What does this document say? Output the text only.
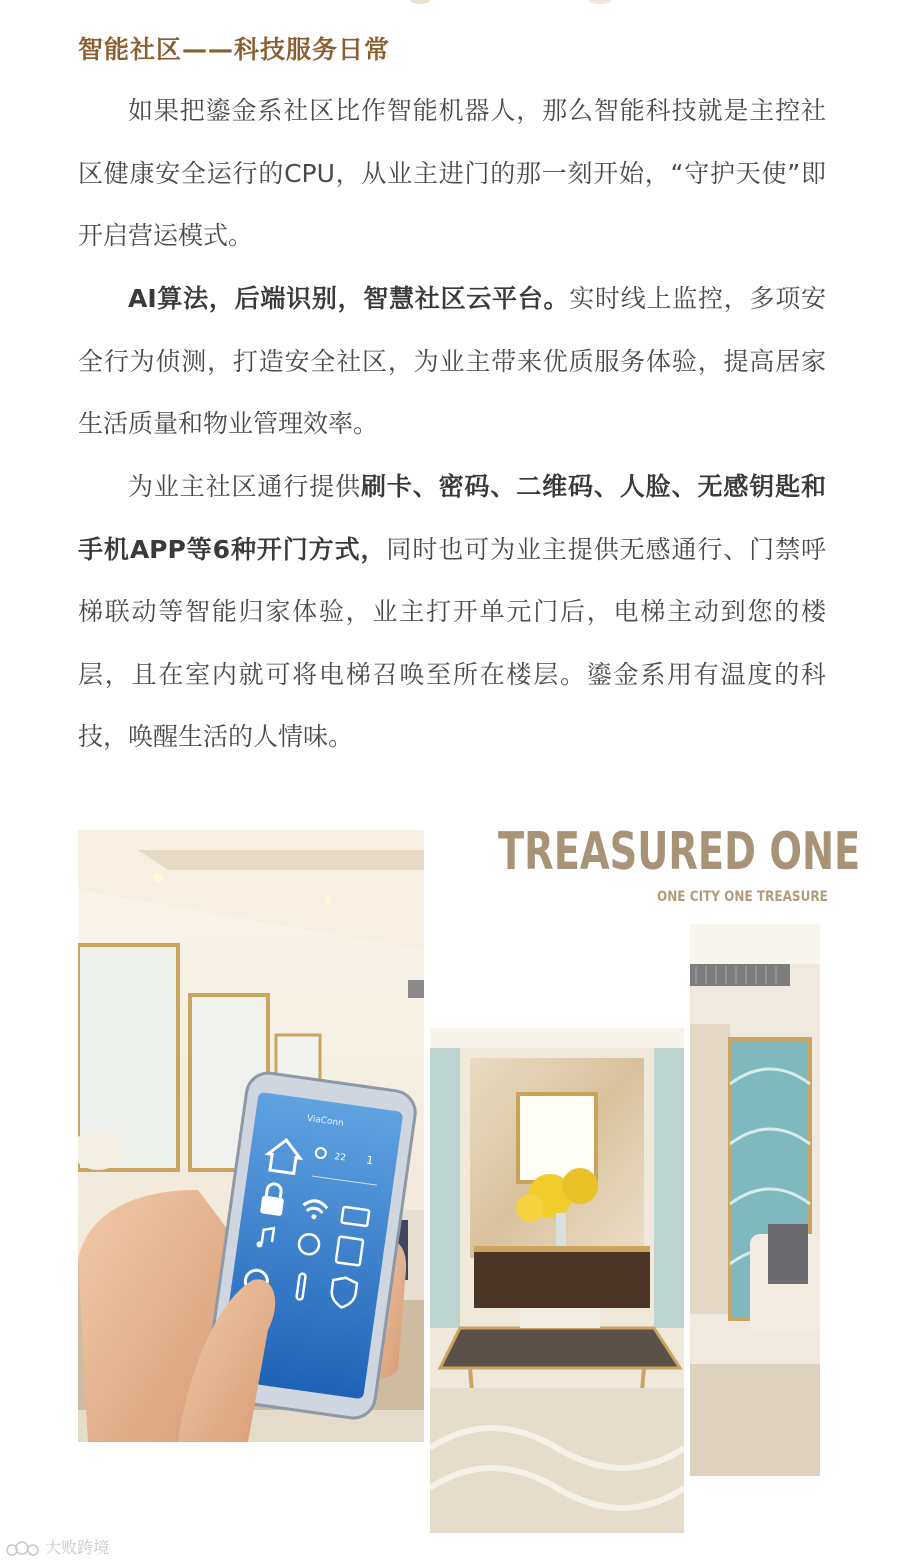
智能社区——科技服务日常

如果把鎏金系社区比作智能机器人，那么智能科技就是主控社区健康安全运行的CPU，从业主进门的那一刻开始，“守护天使”即开启营运模式。

AI算法，后端识别，智慧社区云平台。实时线上监控，多项安全行为侦测，打造安全社区，为业主带来优质服务体验，提高居家生活质量和物业管理效率。

为业主社区通行提供刷卡、密码、二维码、人脸、无感钥匙和手机APP等6种开门方式，同时也可为业主提供无感通行、门禁呼梯联动等智能归家体验，业主打开单元门后，电梯主动到您的楼层，且在室内就可将电梯召唤至所在楼层。鎏金系用有温度的科技，唤醒生活的人情味。

ViaConn
22 1
TREASURED ONE
ONE CITY ONE TREASURE
大败跨境
